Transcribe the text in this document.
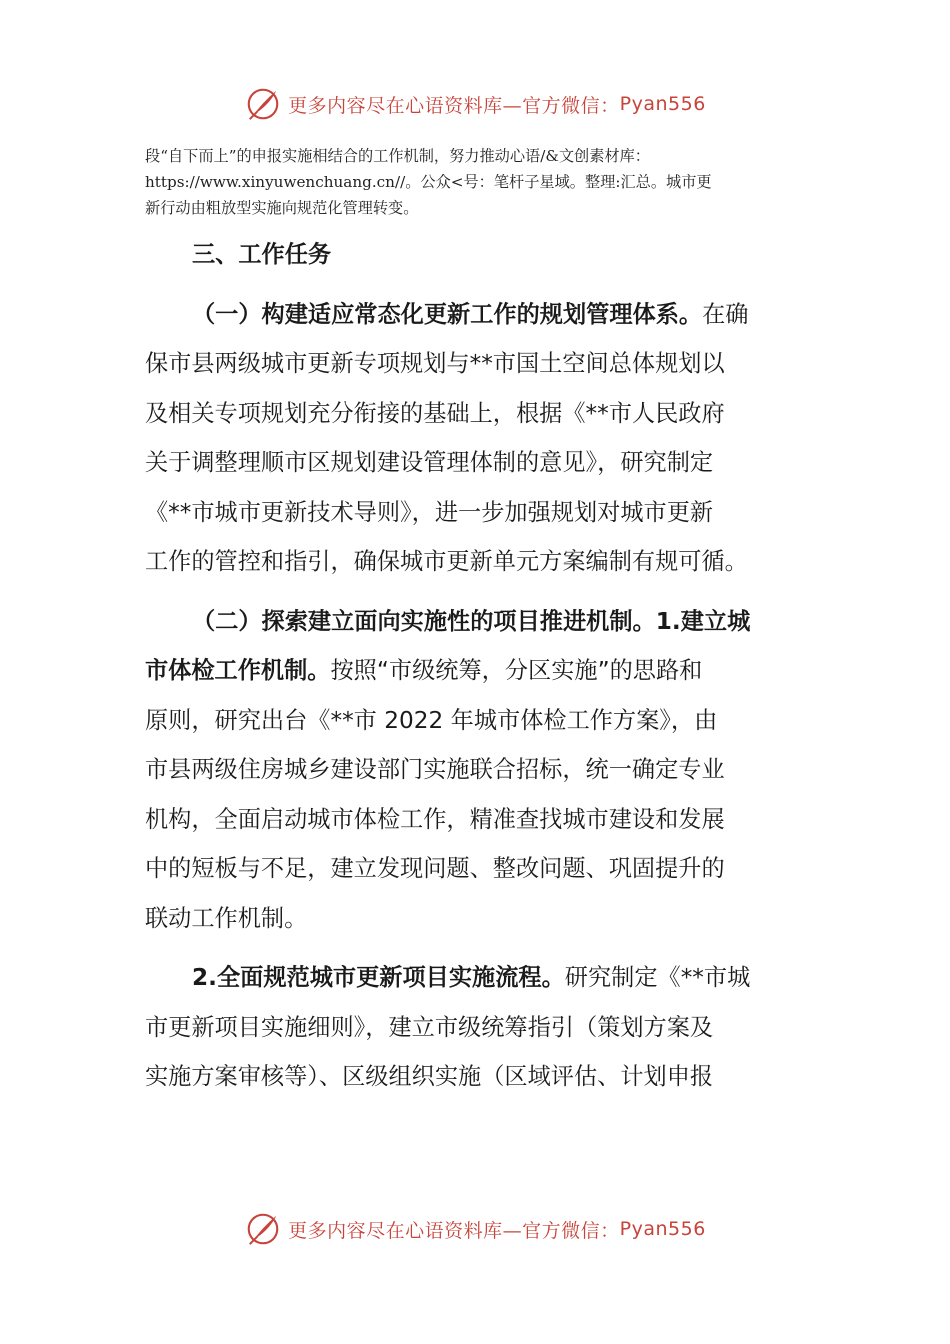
更多内容尽在心语资料库—官方微信： Pyan556

段“自下而上”的申报实施相结合的工作机制，努力推动心语/&文创素材库：

https://www.xinyuwenchuang.cn//。公众<号：笔杆子星域。整理:汇总。城市更

新行动由粗放型实施向规范化管理转变。

三、工作任务
（一）构建适应常态化更新工作的规划管理体系。在确
保市县两级城市更新专项规划与**市国土空间总体规划以
及相关专项规划充分衔接的基础上，根据《**市人民政府
关于调整理顺市区规划建设管理体制的意见》，研究制定
《**市城市更新技术导则》，进一步加强规划对城市更新
工作的管控和指引，确保城市更新单元方案编制有规可循。
（二）探索建立面向实施性的项目推进机制。1.建立城
市体检工作机制。按照“市级统筹，分区实施”的思路和
原则，研究出台《**市 2022 年城市体检工作方案》，由
市县两级住房城乡建设部门实施联合招标，统一确定专业
机构，全面启动城市体检工作，精准查找城市建设和发展
中的短板与不足，建立发现问题、整改问题、巩固提升的
联动工作机制。
2.全面规范城市更新项目实施流程。研究制定《**市城
市更新项目实施细则》，建立市级统筹指引（策划方案及
实施方案审核等）、区级组织实施（区域评估、计划申报
更多内容尽在心语资料库—官方微信： Pyan556
